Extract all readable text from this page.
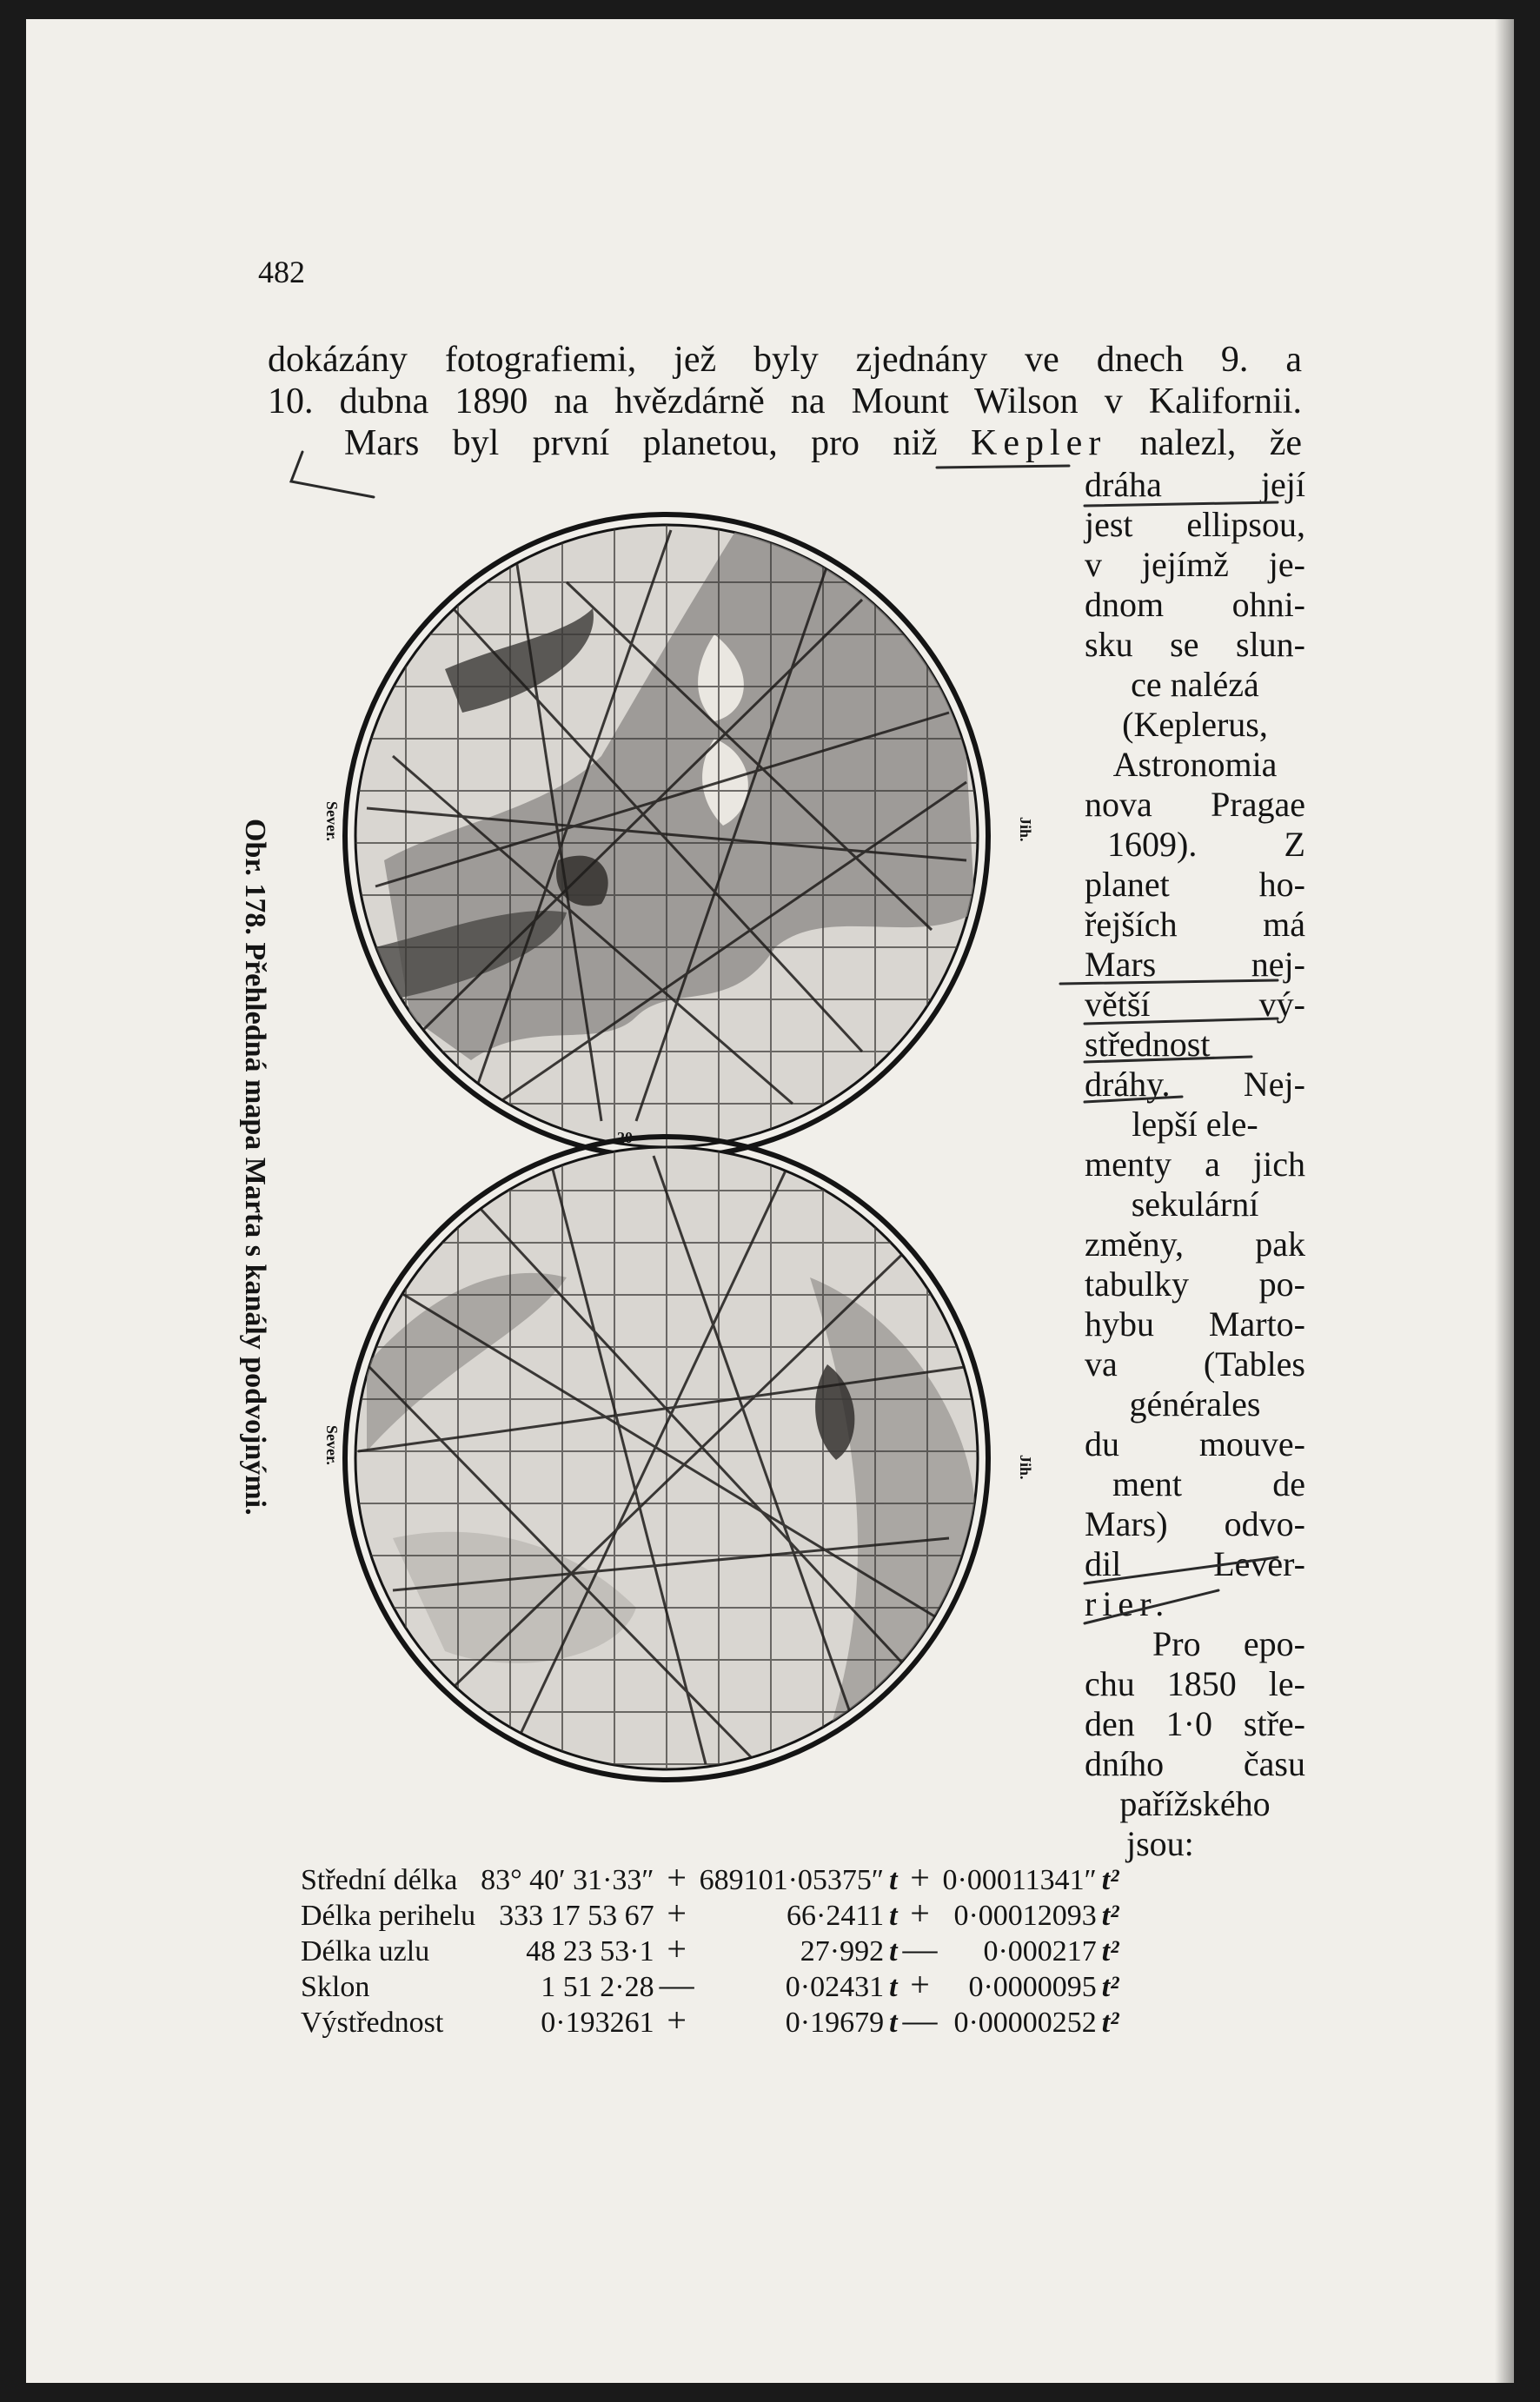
482
dokázány fotografiemi, jež byly zjednány ve dnech 9. a
10. dubna 1890 na hvězdárně na Mount Wilson v Kalifornii.
Mars byl první planetou, pro niž Kepler nalezl, že
dráha její
jest ellipsou,
v jejímž je-
dnom ohni-
sku se slun-
ce nalézá
(Keplerus,
Astronomia
nova Pragae
1609). Z
planet ho-
řejších má
Mars nej-
větší vý-
střednost
dráhy. Nej-
lepší ele-
menty a jich
sekulární
změny, pak
tabulky po-
hybu Marto-
va (Tables
générales
du mouve-
ment de
Mars) odvo-
dil Lever-
rier.
Pro epo-
chu 1850 le-
den 1·0 stře-
dního času
pařížského
jsou:
20
Obr. 178. Přehledná mapa Marta s kanály podvojnými.	Sever.
Sever.
Jih.
Jih.
Střední délka	83° 40′ 31·33″	+	689101·05375″	t	+	0·00011341″	t²
Délka perihelu	333 17 53 67	+	66·2411	t	+	0·00012093	t²
Délka uzlu	48 23 53·1	+	27·992	t	—	0·000217	t²
Sklon	1 51 2·28	—	0·02431	t	+	0·0000095	t²
Výstřednost	0·193261	+	0·19679	t	—	0·00000252	t²
